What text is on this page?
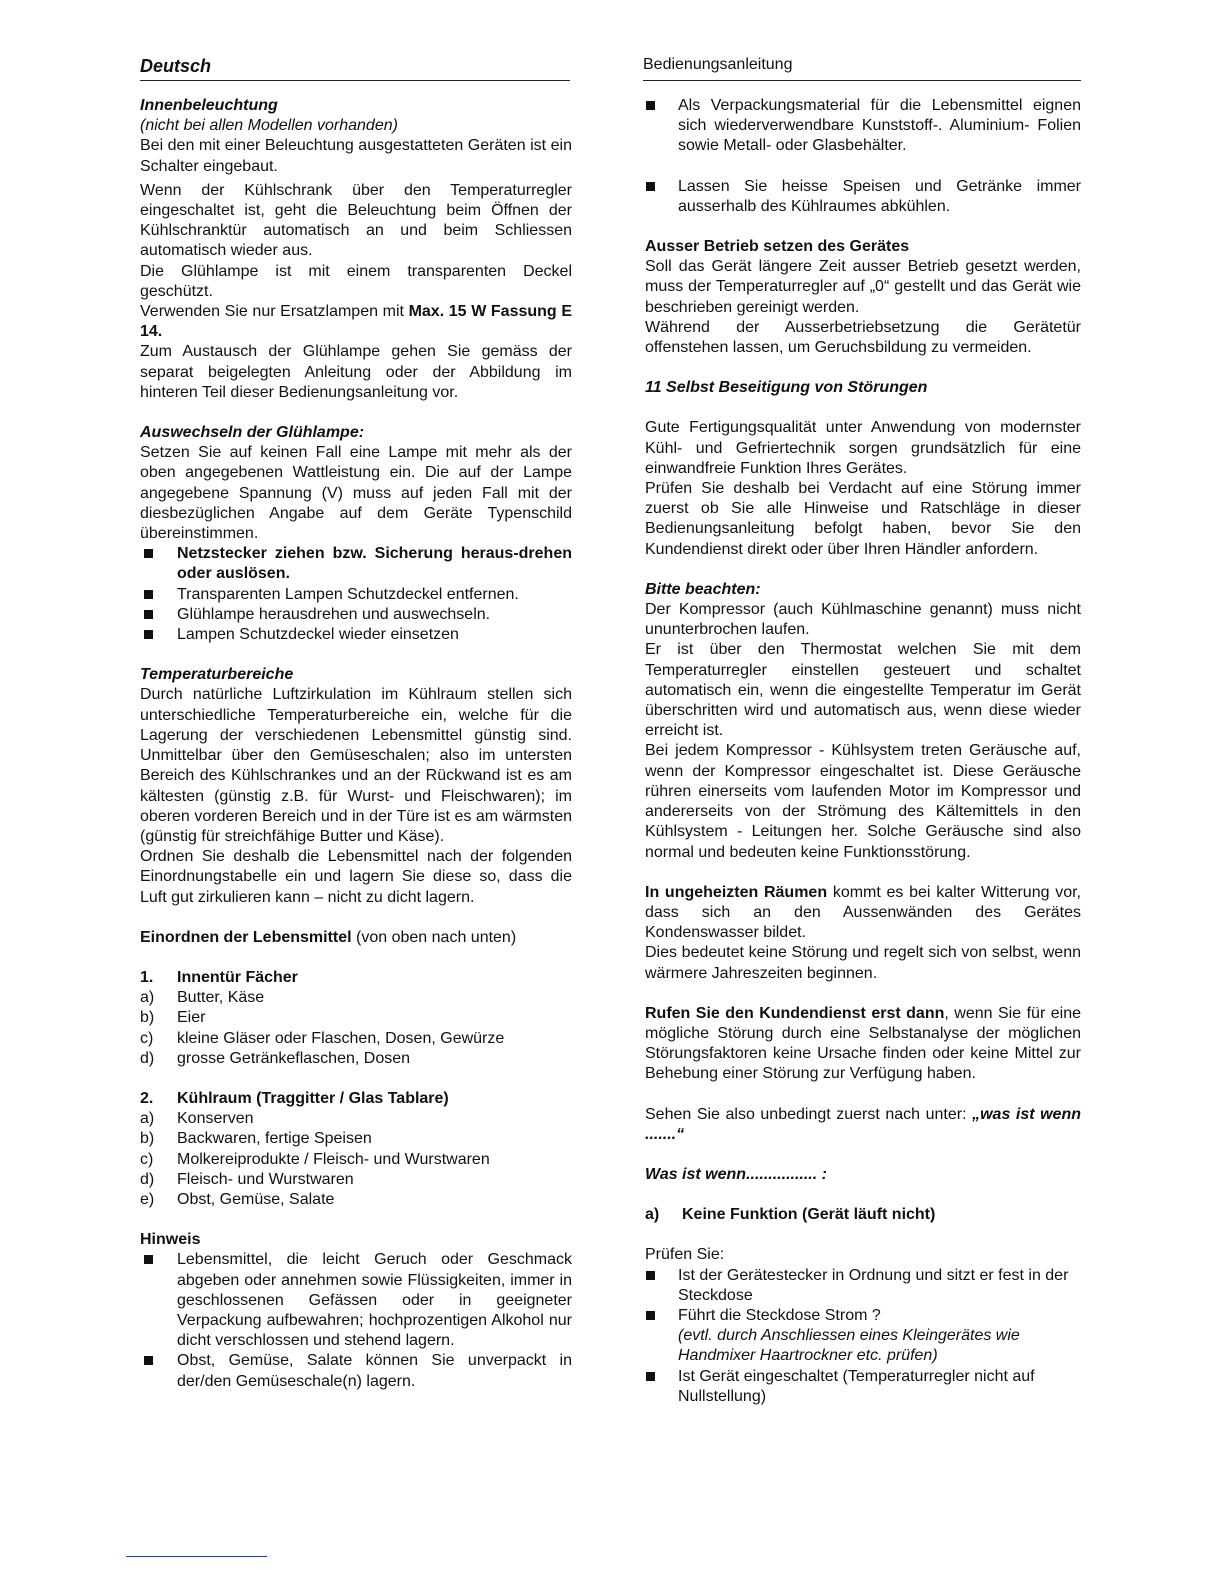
Deutsch	Bedienungsanleitung

Innenbeleuchtung

(nicht bei allen Modellen vorhanden)

Bei den mit einer Beleuchtung ausgestatteten Geräten ist ein Schalter eingebaut.

Wenn der Kühlschrank über den Temperaturregler eingeschaltet ist, geht die Beleuchtung beim Öffnen der Kühlschranktür automatisch an und beim Schliessen automatisch wieder aus.

Die Glühlampe ist mit einem transparenten Deckel geschützt.

Verwenden Sie nur Ersatzlampen mit Max. 15 W Fassung E 14.

Zum Austausch der Glühlampe gehen Sie gemäss der separat beigelegten Anleitung oder der Abbildung im hinteren Teil dieser Bedienungsanleitung vor.

Auswechseln der Glühlampe:

Setzen Sie auf keinen Fall eine Lampe mit mehr als der oben angegebenen Wattleistung ein. Die auf der Lampe angegebene Spannung (V) muss auf jeden Fall mit der diesbezüglichen Angabe auf dem Geräte Typenschild übereinstimmen.

Netzstecker ziehen bzw. Sicherung heraus-drehen oder auslösen.

Transparenten Lampen Schutzdeckel entfernen.

Glühlampe herausdrehen und auswechseln.

Lampen Schutzdeckel wieder einsetzen

Temperaturbereiche

Durch natürliche Luftzirkulation im Kühlraum stellen sich unterschiedliche Temperaturbereiche ein, welche für die Lagerung der verschiedenen Lebensmittel günstig sind. Unmittelbar über den Gemüseschalen; also im untersten Bereich des Kühlschrankes und an der Rückwand ist es am kältesten (günstig z.B. für Wurst- und Fleischwaren); im oberen vorderen Bereich und in der Türe ist es am wärmsten (günstig für streichfähige Butter und Käse).

Ordnen Sie deshalb die Lebensmittel nach der folgenden Einordnungstabelle ein und lagern Sie diese so, dass die Luft gut zirkulieren kann – nicht zu dicht lagern.

Einordnen der Lebensmittel (von oben nach unten)

1.	Innentür Fächer
a)	Butter, Käse
b)	Eier
c)	kleine Gläser oder Flaschen, Dosen, Gewürze
d)	grosse Getränkeflaschen, Dosen
2.	Kühlraum (Traggitter / Glas Tablare)
a)	Konserven
b)	Backwaren, fertige Speisen
c)	Molkereiprodukte / Fleisch- und Wurstwaren
d)	Fleisch- und Wurstwaren
e)	Obst, Gemüse, Salate

Hinweis

Lebensmittel, die leicht Geruch oder Geschmack abgeben oder annehmen sowie Flüssigkeiten, immer in geschlossenen Gefässen oder in geeigneter Verpackung aufbewahren; hochprozentigen Alkohol nur dicht verschlossen und stehend lagern.

Obst, Gemüse, Salate können Sie unverpackt in der/den Gemüseschale(n) lagern.

Als Verpackungsmaterial für die Lebensmittel eignen sich wiederverwendbare Kunststoff-. Aluminium- Folien sowie Metall- oder Glasbehälter.

Lassen Sie heisse Speisen und Getränke immer ausserhalb des Kühlraumes abkühlen.

Ausser Betrieb setzen des Gerätes

Soll das Gerät längere Zeit ausser Betrieb gesetzt werden, muss der Temperaturregler auf „0“ gestellt und das Gerät wie beschrieben gereinigt werden.

Während der Ausserbetriebsetzung die Gerätetür offenstehen lassen, um Geruchsbildung zu vermeiden.

11 Selbst Beseitigung von Störungen

Gute Fertigungsqualität unter Anwendung von modernster Kühl- und Gefriertechnik sorgen grundsätzlich für eine einwandfreie Funktion Ihres Gerätes.

Prüfen Sie deshalb bei Verdacht auf eine Störung immer zuerst ob Sie alle Hinweise und Ratschläge in dieser Bedienungsanleitung befolgt haben, bevor Sie den Kundendienst direkt oder über Ihren Händler anfordern.

Bitte beachten:

Der Kompressor (auch Kühlmaschine genannt) muss nicht ununterbrochen laufen.

Er ist über den Thermostat welchen Sie mit dem Temperaturregler einstellen gesteuert und schaltet automatisch ein, wenn die eingestellte Temperatur im Gerät überschritten wird und automatisch aus, wenn diese wieder erreicht ist.

Bei jedem Kompressor - Kühlsystem treten Geräusche auf, wenn der Kompressor eingeschaltet ist. Diese Geräusche rühren einerseits vom laufenden Motor im Kompressor und andererseits von der Strömung des Kältemittels in den Kühlsystem - Leitungen her. Solche Geräusche sind also normal und bedeuten keine Funktionsstörung.

In ungeheizten Räumen kommt es bei kalter Witterung vor, dass sich an den Aussenwänden des Gerätes Kondenswasser bildet.

Dies bedeutet keine Störung und regelt sich von selbst, wenn wärmere Jahreszeiten beginnen.

Rufen Sie den Kundendienst erst dann, wenn Sie für eine mögliche Störung durch eine Selbstanalyse der möglichen Störungsfaktoren keine Ursache finden oder keine Mittel zur Behebung einer Störung zur Verfügung haben.

Sehen Sie also unbedingt zuerst nach unter: „was ist wenn .......“

Was ist wenn................ :

a)	Keine Funktion (Gerät läuft nicht)

Prüfen Sie:

Ist der Gerätestecker in Ordnung und sitzt er fest in der Steckdose
Führt die Steckdose Strom ?
(evtl. durch Anschliessen eines Kleingerätes wie Handmixer Haartrockner etc. prüfen)
Ist Gerät eingeschaltet (Temperaturregler nicht auf Nullstellung)
